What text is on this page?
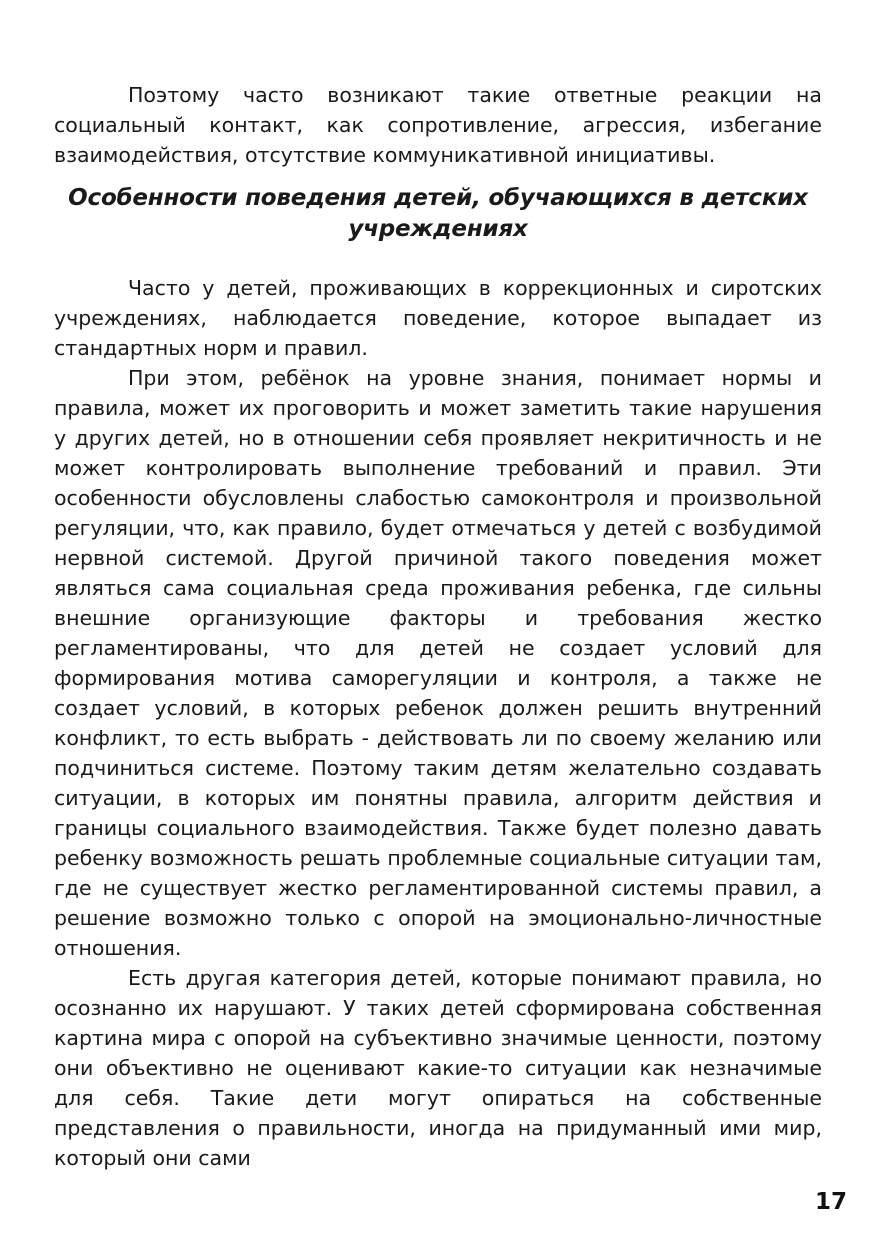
Поэтому часто возникают такие ответные реакции на социальный контакт, как сопротивление, агрессия, избегание взаимодействия, отсутствие коммуникативной инициативы.

Особенности поведения детей, обучающихся в детских учреждениях

Часто у детей, проживающих в коррекционных и сиротских учреждениях, наблюдается поведение, которое выпадает из стандартных норм и правил.

При этом, ребёнок на уровне знания, понимает нормы и правила, может их проговорить и может заметить такие нарушения у других детей, но в отношении себя проявляет некритичность и не может контролировать выполнение требований и правил. Эти особенности обусловлены слабостью самоконтроля и произвольной регуляции, что, как правило, будет отмечаться у детей с возбудимой нервной системой. Другой причиной такого поведения может являться сама социальная среда проживания ребенка, где сильны внешние организующие факторы и требования жестко регламентированы, что для детей не создает условий для формирования мотива саморегуляции и контроля, а также не создает условий, в которых ребенок должен решить внутренний конфликт, то есть выбрать - действовать ли по своему желанию или подчиниться системе. Поэтому таким детям желательно создавать ситуации, в которых им понятны правила, алгоритм действия и границы социального взаимодействия. Также будет полезно давать ребенку возможность решать проблемные социальные ситуации там, где не существует жестко регламентированной системы правил, а решение возможно только с опорой на эмоционально-личностные отношения.

Есть другая категория детей, которые понимают правила, но осознанно их нарушают. У таких детей сформирована собственная картина мира с опорой на субъективно значимые ценности, поэтому они объективно не оценивают какие-то ситуации как незначимые для себя. Такие дети могут опираться на собственные представления о правильности, иногда на придуманный ими мир, который они сами

17
